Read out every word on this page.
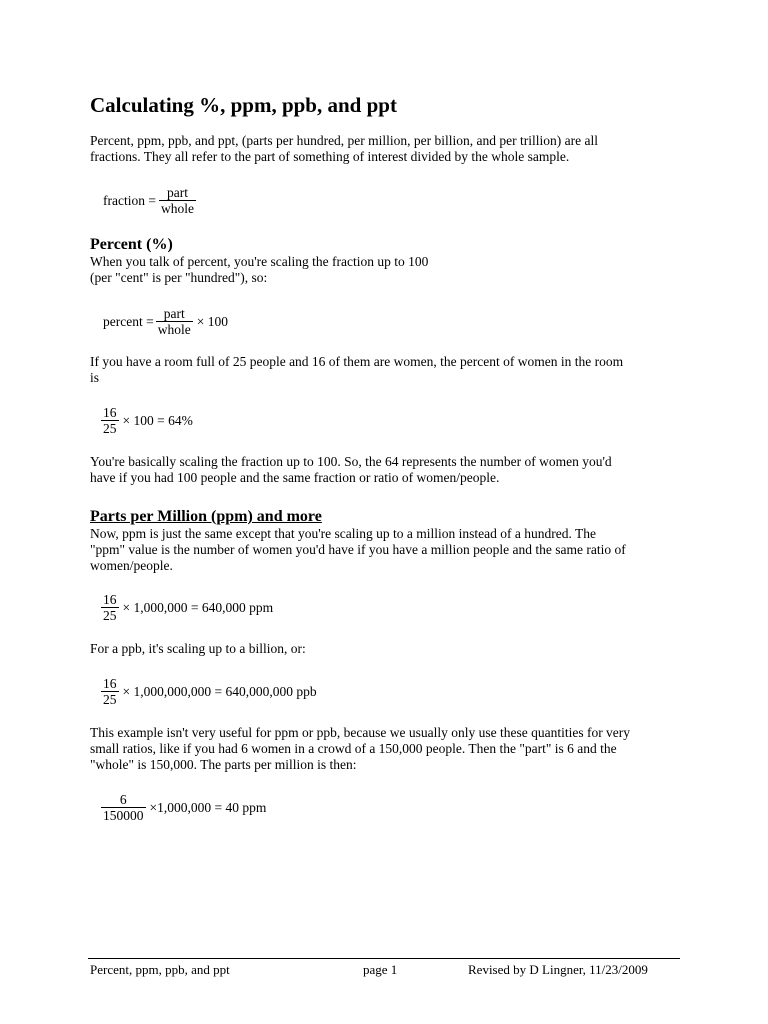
Calculating %, ppm, ppb, and ppt
Percent, ppm, ppb, and ppt, (parts per hundred, per million, per billion, and per trillion) are all
fractions. They all refer to the part of something of interest divided by the whole sample.
fraction = $\frac{\text{part}}{\text{whole}}$
Percent (%)
When you talk of percent, you're scaling the fraction up to 100
(per "cent" is per "hundred"), so:
percent = $\frac{\text{part}}{\text{whole}} \times 100$
If you have a room full of 25 people and 16 of them are women, the percent of women in the room
is
$\frac{16}{25} \times 100 = 64\%$
You're basically scaling the fraction up to 100. So, the 64 represents the number of women you'd
have if you had 100 people and the same fraction or ratio of women/people.
Parts per Million (ppm) and more
Now, ppm is just the same except that you're scaling up to a million instead of a hundred. The
"ppm" value is the number of women you'd have if you have a million people and the same ratio of
women/people.
$\frac{16}{25} \times 1,000,000 = 640,000$ ppm
For a ppb, it's scaling up to a billion, or:
$\frac{16}{25} \times 1,000,000,000 = 640,000,000$ ppb
This example isn't very useful for ppm or ppb, because we usually only use these quantities for very
small ratios, like if you had 6 women in a crowd of a 150,000 people. Then the "part" is 6 and the
"whole" is 150,000. The parts per million is then:
$\frac{6}{150000} \times 1,000,000 = 40$ ppm
Percent, ppm, ppb, and ppt	page 1	Revised by D Lingner, 11/23/2009
